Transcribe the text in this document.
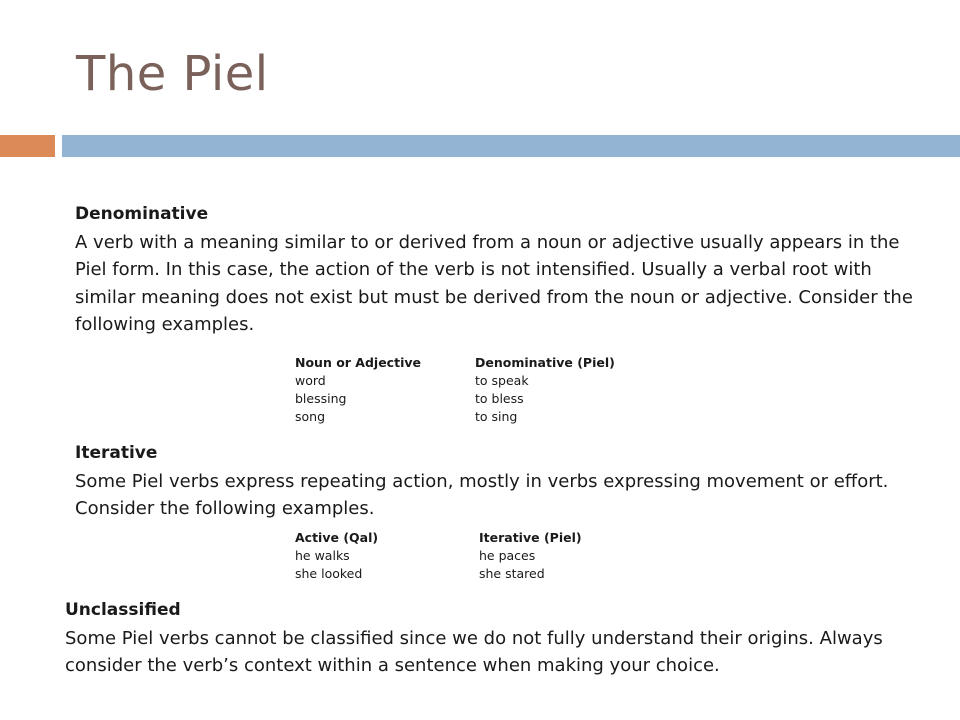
The Piel
Denominative

A verb with a meaning similar to or derived from a noun or adjective usually appears in the Piel form. In this case, the action of the verb is not intensified. Usually a verbal root with similar meaning does not exist but must be derived from the noun or adjective. Consider the following examples.

Noun or Adjective	Denominative (Piel)
word	to speak
blessing	to bless
song	to sing
Iterative

Some Piel verbs express repeating action, mostly in verbs expressing movement or effort. Consider the following examples.

Active (Qal)	Iterative (Piel)
he walks	he paces
she looked	she stared
Unclassified

Some Piel verbs cannot be classified since we do not fully understand their origins. Always consider the verb’s context within a sentence when making your choice.
